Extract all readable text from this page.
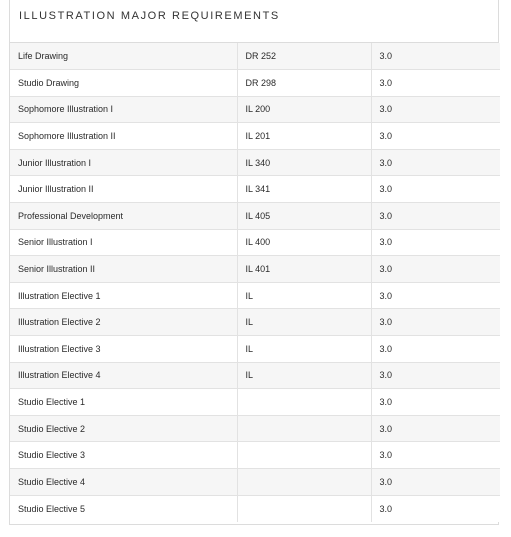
ILLUSTRATION MAJOR REQUIREMENTS
Life Drawing	DR 252	3.0
Studio Drawing	DR 298	3.0
Sophomore Illustration I	IL 200	3.0
Sophomore Illustration II	IL 201	3.0
Junior Illustration I	IL 340	3.0
Junior Illustration II	IL 341	3.0
Professional Development	IL 405	3.0
Senior Illustration I	IL 400	3.0
Senior Illustration II	IL 401	3.0
Illustration Elective 1	IL	3.0
Illustration Elective 2	IL	3.0
Illustration Elective 3	IL	3.0
Illustration Elective 4	IL	3.0
Studio Elective 1		3.0
Studio Elective 2		3.0
Studio Elective 3		3.0
Studio Elective 4		3.0
Studio Elective 5		3.0
